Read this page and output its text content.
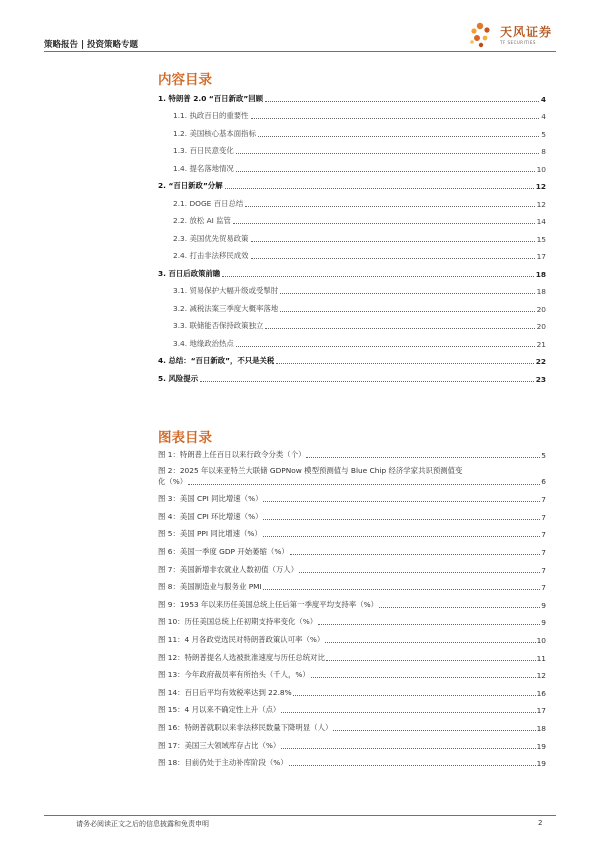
策略报告 | 投资策略专题
天风证券
TF SECURITIES
内容目录
1. 特朗普 2.0 “百日新政”回顾	4
1.1. 执政百日的重要性	4
1.2. 美国核心基本面指标	5
1.3. 百日民意变化	8
1.4. 提名落地情况	10
2. “百日新政”分解	12
2.1. DOGE 百日总结	12
2.2. 放松 AI 监管	14
2.3. 美国优先贸易政策	15
2.4. 打击非法移民成效	17
3. 百日后政策前瞻	18
3.1. 贸易保护大幅升级或受掣肘	18
3.2. 减税法案三季度大概率落地	20
3.3. 联储能否保持政策独立	20
3.4. 地缘政治热点	21
4. 总结：“百日新政”，不只是关税	22
5. 风险提示	23
图表目录
图 1：特朗普上任百日以来行政令分类（个）	5
图 2：2025 年以来亚特兰大联储 GDPNow 模型预测值与 Blue Chip 经济学家共识预测值变
化（%）	6
图 3：美国 CPI 同比增速（%）	7
图 4：美国 CPI 环比增速（%）	7
图 5：美国 PPI 同比增速（%）	7
图 6：美国一季度 GDP 开始萎缩（%）	7
图 7：美国新增非农就业人数初值（万人）	7
图 8：美国制造业与服务业 PMI	7
图 9：1953 年以来历任美国总统上任后第一季度平均支持率（%）	9
图 10：历任美国总统上任初期支持率变化（%）	9
图 11：4 月各政党选民对特朗普政策认可率（%）	10
图 12：特朗普提名人选被批准速度与历任总统对比	11
图 13：今年政府裁员率有所抬头（千人，%）	12
图 14：百日后平均有效税率达到 22.8%	16
图 15：4 月以来不确定性上升（点）	17
图 16：特朗普就职以来非法移民数量下降明显（人）	18
图 17：美国三大领域库存占比（%）	19
图 18：目前仍处于主动补库阶段（%）	19
请务必阅读正文之后的信息披露和免责申明	2
